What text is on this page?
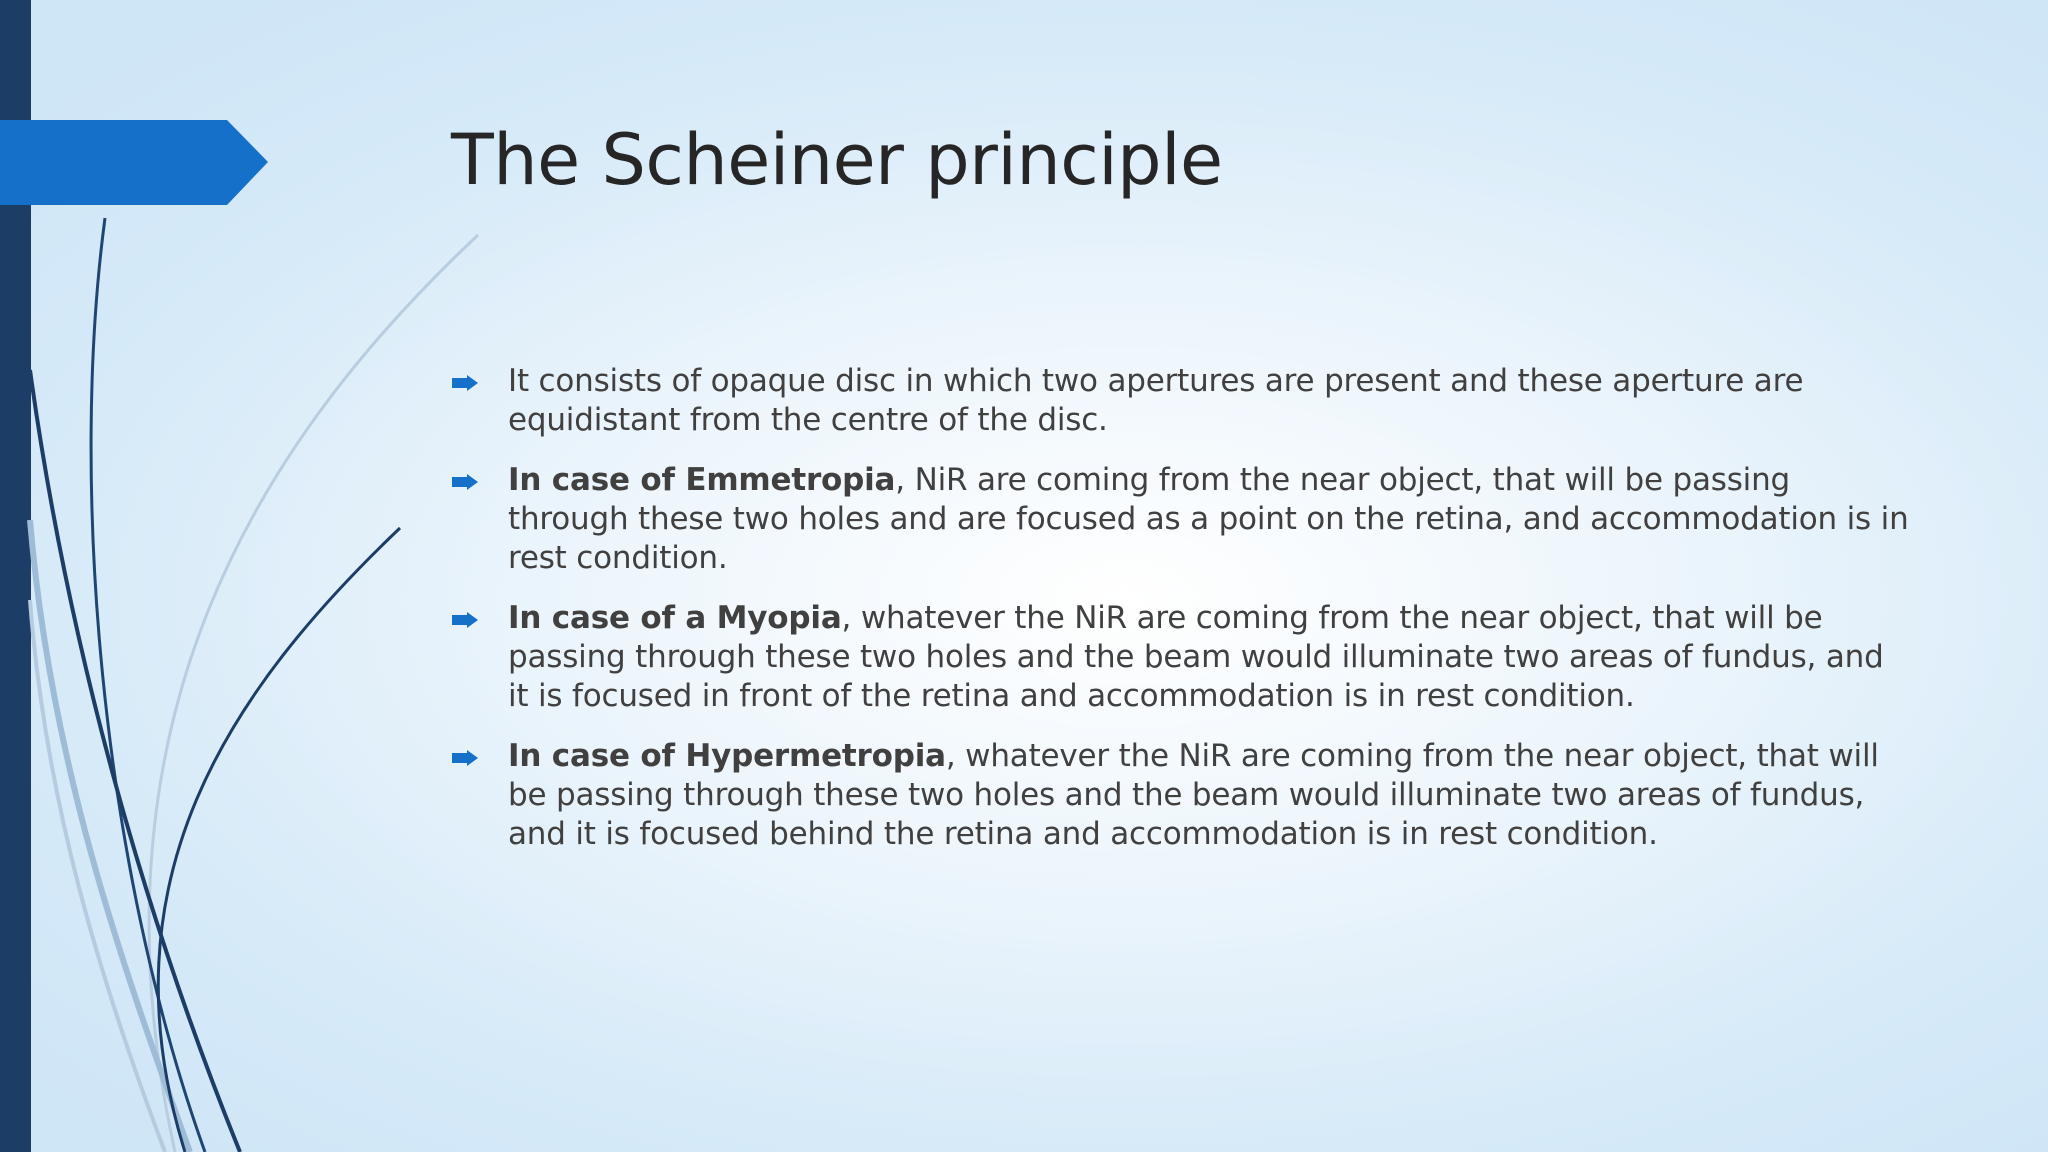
The Scheiner principle
It consists of opaque disc in which two apertures are present and these aperture are equidistant from the centre of the disc.
In case of Emmetropia, NiR are coming from the near object, that will be passing through these two holes and are focused as a point on the retina, and accommodation is in rest condition.
In case of a Myopia, whatever the NiR are coming from the near object, that will be passing through these two holes and the beam would illuminate two areas of fundus, and it is focused in front of the retina and accommodation is in rest condition.
In case of Hypermetropia, whatever the NiR are coming from the near object, that will be passing through these two holes and the beam would illuminate two areas of fundus, and it is focused behind the retina and accommodation is in rest condition.
